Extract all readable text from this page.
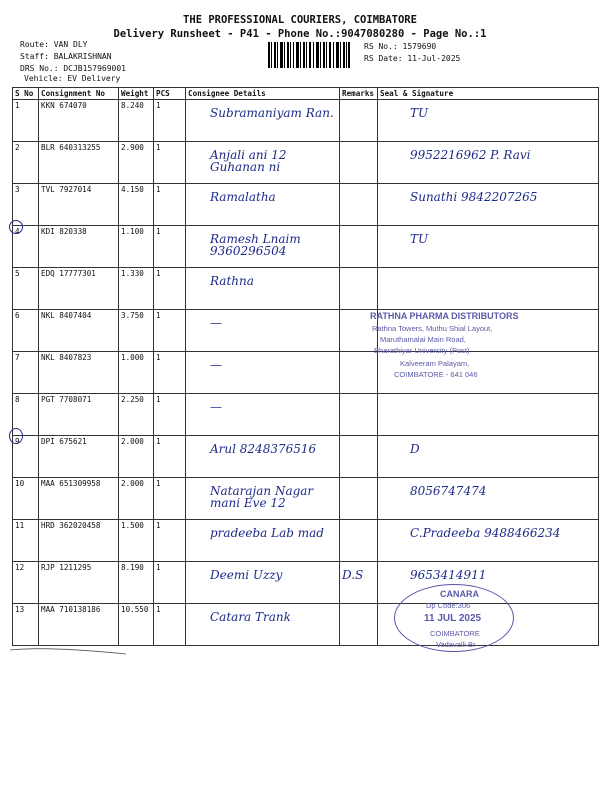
THE PROFESSIONAL COURIERS, COIMBATORE
Delivery Runsheet - P41 - Phone No.:9047080280 - Page No.:1
Route: VAN DLY
Staff: BALAKRISHNAN
DRS No.: DCJB157969001
Vehicle: EV Delivery
RS No.: 1579690
RS Date: 11-Jul-2025
S No	Consignment No	Weight	PCS	Consignee Details	Remarks	Seal & Signature
1	KKN 674070	8.240	1	Subramaniyam Ran.		TU

2	BLR 640313255	2.900	1	Anjali ani 12 Guhanan ni		9952216962 P. Ravi

3	TVL 7927014	4.150	1	Ramalatha		Sunathi 9842207265

4	KDI 820338	1.100	1	Ramesh Lnaim 9360296504		TU

5	EDQ 17777301	1.330	1	Rathna		

6	NKL 8407404	3.750	1	—		

7	NKL 8407823	1.000	1	—		

8	PGT 7708071	2.250	1	—		

9	DPI 675621	2.000	1	Arul 8248376516		D

10	MAA 651309958	2.000	1	Natarajan Nagar mani Eve 12		8056747474

11	HRD 362020458	1.500	1	pradeeba Lab mad		C.Pradeeba 9488466234

12	RJP 1211295	8.190	1	Deemi Uzzy	D.S	9653414911

13	MAA 710138186	10.550	1	Catara Trank		

RATHNA PHARMA DISTRIBUTORS
Rathna Towers, Muthu Shial Layout,
Maruthamalai Main Road,
Bharathiyar University (Post)
Kalveeram Palayam,
COIMBATORE - 641 046
CANARA
Dp Code:306
11 JUL 2025
COIMBATORE
Vadavalli Br
